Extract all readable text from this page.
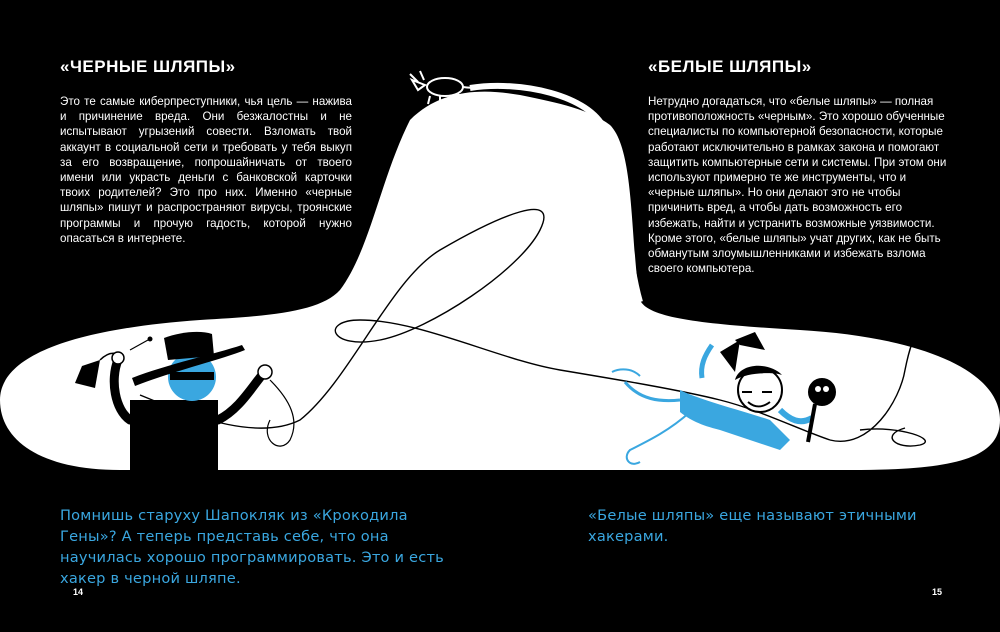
«ЧЕРНЫЕ ШЛЯПЫ»

Это те самые киберпреступники, чья цель — нажива и причинение вреда. Они безжалостны и не испытывают угрызений совести. Взломать твой аккаунт в социальной сети и требовать у тебя выкуп за его возвращение, попрошайничать от твоего имени или украсть деньги с банковской карточки твоих родителей? Это про них. Именно «черные шляпы» пишут и распространяют вирусы, троянские программы и прочую гадость, которой нужно опасаться в интернете.

«БЕЛЫЕ ШЛЯПЫ»

Нетрудно догадаться, что «белые шляпы» — полная противоположность «черным». Это хорошо обученные специалисты по компьютерной безопасности, которые работают исключительно в рамках закона и помогают защитить компьютерные сети и системы. При этом они используют примерно те же инструменты, что и «черные шляпы». Но они делают это не чтобы причинить вред, а чтобы дать возможность его избежать, найти и устранить возможные уязвимости. Кроме этого, «белые шляпы» учат других, как не быть обманутым злоумышленниками и избежать взлома своего компьютера.

Помнишь старуху Шапокляк из «Крокодила Гены»? А теперь представь себе, что она научилась хорошо программировать. Это и есть хакер в черной шляпе.

«Белые шляпы» еще называют этичными хакерами.

14	15
